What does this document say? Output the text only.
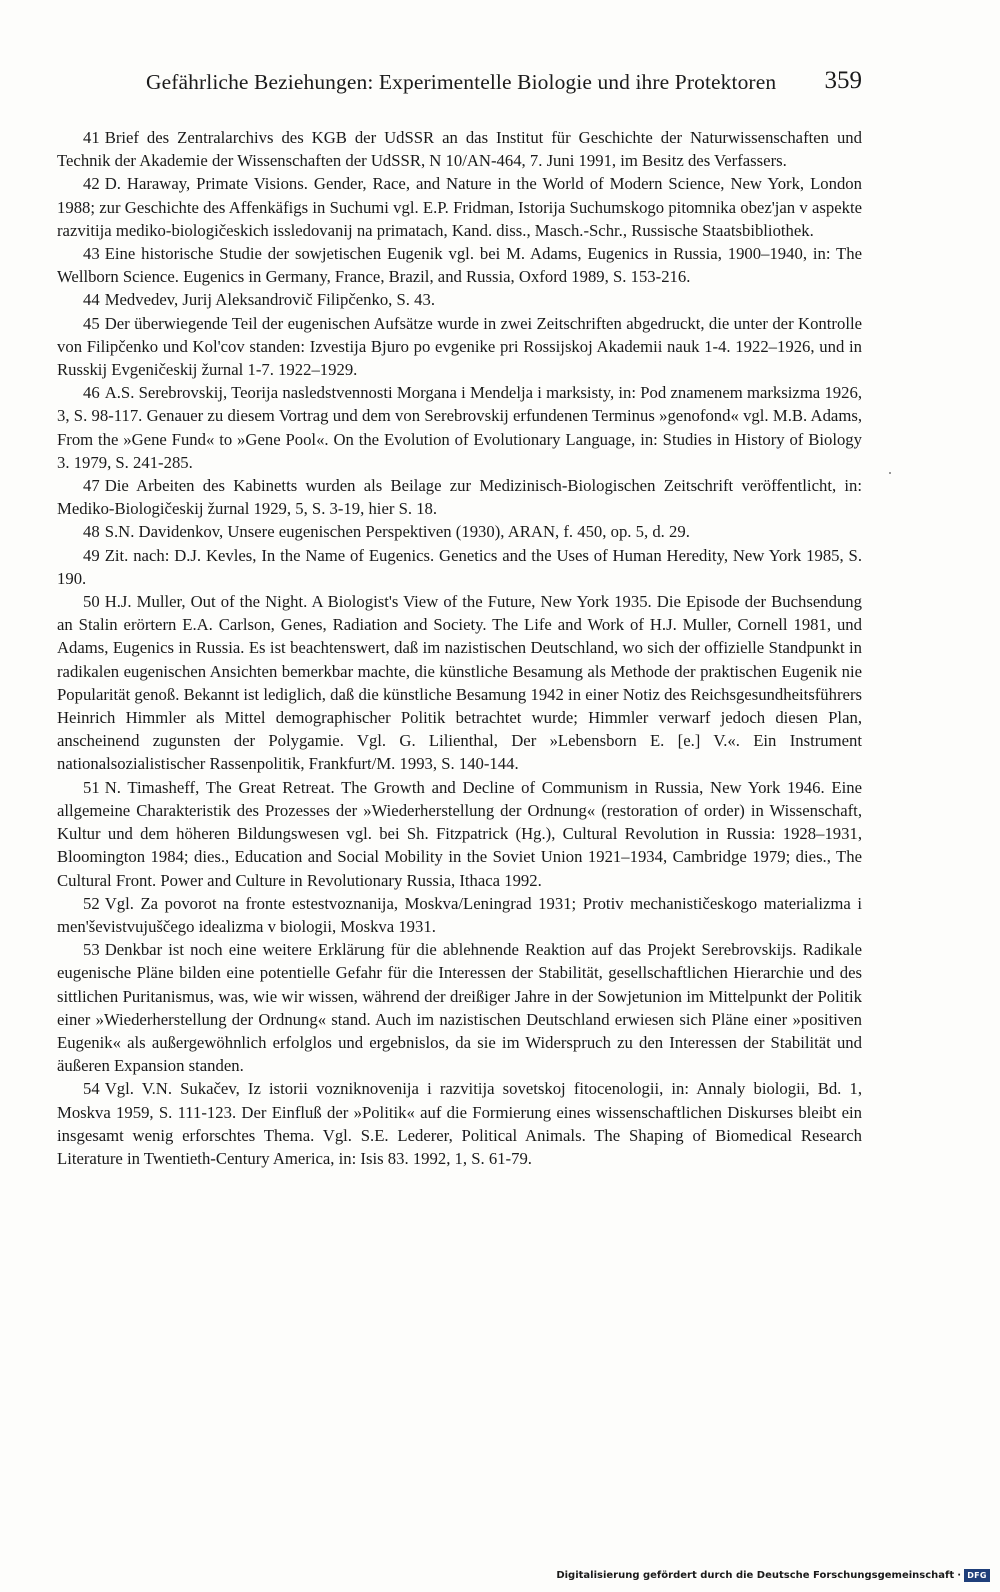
Gefährliche Beziehungen: Experimentelle Biologie und ihre Protektoren 359

41 Brief des Zentralarchivs des KGB der UdSSR an das Institut für Geschichte der Naturwissenschaften und Technik der Akademie der Wissenschaften der UdSSR, N 10/AN-464, 7. Juni 1991, im Besitz des Verfassers.

42 D. Haraway, Primate Visions. Gender, Race, and Nature in the World of Modern Science, New York, London 1988; zur Geschichte des Affenkäfigs in Suchumi vgl. E.P. Fridman, Istorija Suchumskogo pitomnika obez'jan v aspekte razvitija mediko-biologičeskich issledovanij na primatach, Kand. diss., Masch.-Schr., Russische Staatsbibliothek.

43 Eine historische Studie der sowjetischen Eugenik vgl. bei M. Adams, Eugenics in Russia, 1900–1940, in: The Wellborn Science. Eugenics in Germany, France, Brazil, and Russia, Oxford 1989, S. 153-216.

44 Medvedev, Jurij Aleksandrovič Filipčenko, S. 43.

45 Der überwiegende Teil der eugenischen Aufsätze wurde in zwei Zeitschriften abgedruckt, die unter der Kontrolle von Filipčenko und Kol'cov standen: Izvestija Bjuro po evgenike pri Rossijskoj Akademii nauk 1-4. 1922–1926, und in Russkij Evgeničeskij žurnal 1-7. 1922–1929.

46 A.S. Serebrovskij, Teorija nasledstvennosti Morgana i Mendelja i marksisty, in: Pod znamenem marksizma 1926, 3, S. 98-117. Genauer zu diesem Vortrag und dem von Serebrovskij erfundenen Terminus »genofond« vgl. M.B. Adams, From the »Gene Fund« to »Gene Pool«. On the Evolution of Evolutionary Language, in: Studies in History of Biology 3. 1979, S. 241-285.

47 Die Arbeiten des Kabinetts wurden als Beilage zur Medizinisch-Biologischen Zeitschrift veröffentlicht, in: Mediko-Biologičeskij žurnal 1929, 5, S. 3-19, hier S. 18.

48 S.N. Davidenkov, Unsere eugenischen Perspektiven (1930), ARAN, f. 450, op. 5, d. 29.

49 Zit. nach: D.J. Kevles, In the Name of Eugenics. Genetics and the Uses of Human Heredity, New York 1985, S. 190.

50 H.J. Muller, Out of the Night. A Biologist's View of the Future, New York 1935. Die Episode der Buchsendung an Stalin erörtern E.A. Carlson, Genes, Radiation and Society. The Life and Work of H.J. Muller, Cornell 1981, und Adams, Eugenics in Russia. Es ist beachtenswert, daß im nazistischen Deutschland, wo sich der offizielle Standpunkt in radikalen eugenischen Ansichten bemerkbar machte, die künstliche Besamung als Methode der praktischen Eugenik nie Popularität genoß. Bekannt ist lediglich, daß die künstliche Besamung 1942 in einer Notiz des Reichsgesundheitsführers Heinrich Himmler als Mittel demographischer Politik betrachtet wurde; Himmler verwarf jedoch diesen Plan, anscheinend zugunsten der Polygamie. Vgl. G. Lilienthal, Der »Lebensborn E. [e.] V.«. Ein Instrument nationalsozialistischer Rassenpolitik, Frankfurt/M. 1993, S. 140-144.

51 N. Timasheff, The Great Retreat. The Growth and Decline of Communism in Russia, New York 1946. Eine allgemeine Charakteristik des Prozesses der »Wiederherstellung der Ordnung« (restoration of order) in Wissenschaft, Kultur und dem höheren Bildungswesen vgl. bei Sh. Fitzpatrick (Hg.), Cultural Revolution in Russia: 1928–1931, Bloomington 1984; dies., Education and Social Mobility in the Soviet Union 1921–1934, Cambridge 1979; dies., The Cultural Front. Power and Culture in Revolutionary Russia, Ithaca 1992.

52 Vgl. Za povorot na fronte estestvoznanija, Moskva/Leningrad 1931; Protiv mechanističeskogo materializma i men'ševistvujuščego idealizma v biologii, Moskva 1931.

53 Denkbar ist noch eine weitere Erklärung für die ablehnende Reaktion auf das Projekt Serebrovskijs. Radikale eugenische Pläne bilden eine potentielle Gefahr für die Interessen der Stabilität, gesellschaftlichen Hierarchie und des sittlichen Puritanismus, was, wie wir wissen, während der dreißiger Jahre in der Sowjetunion im Mittelpunkt der Politik einer »Wiederherstellung der Ordnung« stand. Auch im nazistischen Deutschland erwiesen sich Pläne einer »positiven Eugenik« als außergewöhnlich erfolglos und ergebnislos, da sie im Widerspruch zu den Interessen der Stabilität und äußeren Expansion standen.

54 Vgl. V.N. Sukačev, Iz istorii vozniknovenija i razvitija sovetskoj fitocenologii, in: Annaly biologii, Bd. 1, Moskva 1959, S. 111-123. Der Einfluß der »Politik« auf die Formierung eines wissenschaftlichen Diskurses bleibt ein insgesamt wenig erforschtes Thema. Vgl. S.E. Lederer, Political Animals. The Shaping of Biomedical Research Literature in Twentieth-Century America, in: Isis 83. 1992, 1, S. 61-79.

Digitalisierung gefördert durch die Deutsche Forschungsgemeinschaft · DFG
